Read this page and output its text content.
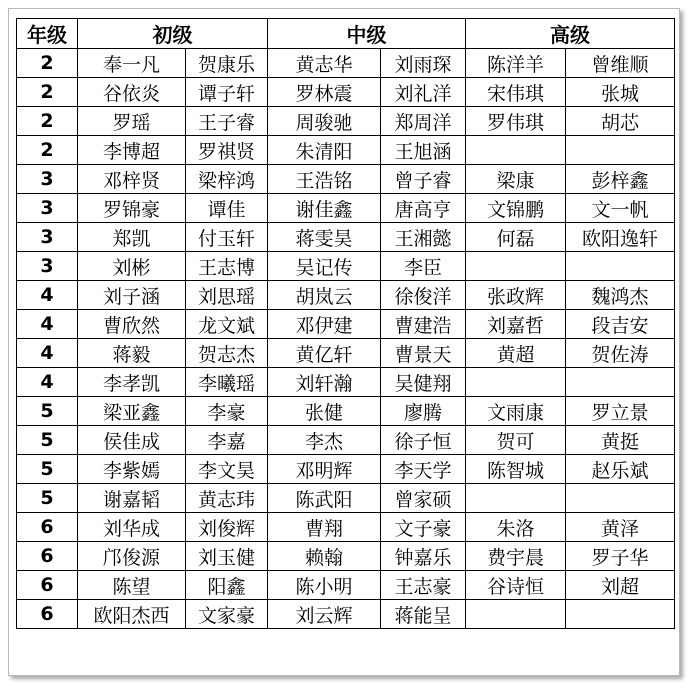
年级	初级		中级		高级	
2	奉一凡	贺康乐	黄志华	刘雨琛	陈洋羊	曾维顺
2	谷依炎	谭子轩	罗林震	刘礼洋	宋伟琪	张城
2	罗瑶	王子睿	周骏驰	郑周洋	罗伟琪	胡芯
2	李博超	罗祺贤	朱清阳	王旭涵		
3	邓梓贤	梁梓鸿	王浩铭	曾子睿	梁康	彭梓鑫
3	罗锦豪	谭佳	谢佳鑫	唐高亨	文锦鹏	文一帆
3	郑凯	付玉轩	蒋雯昊	王湘懿	何磊	欧阳逸轩
3	刘彬	王志博	吴记传	李臣		
4	刘子涵	刘思瑶	胡岚云	徐俊洋	张政辉	魏鸿杰
4	曹欣然	龙文斌	邓伊建	曹建浩	刘嘉哲	段吉安
4	蒋毅	贺志杰	黄亿轩	曹景天	黄超	贺佐涛
4	李孝凯	李曦瑶	刘轩瀚	吴健翔		
5	梁亚鑫	李豪	张健	廖腾	文雨康	罗立景
5	侯佳成	李嘉	李杰	徐子恒	贺可	黄挺
5	李紫嫣	李文昊	邓明辉	李天学	陈智城	赵乐斌
5	谢嘉韬	黄志玮	陈武阳	曾家硕		
6	刘华成	刘俊辉	曹翔	文子豪	朱洛	黄泽
6	邝俊源	刘玉健	赖翰	钟嘉乐	费宇晨	罗子华
6	陈望	阳鑫	陈小明	王志豪	谷诗恒	刘超
6	欧阳杰西	文家豪	刘云辉	蒋能呈		
